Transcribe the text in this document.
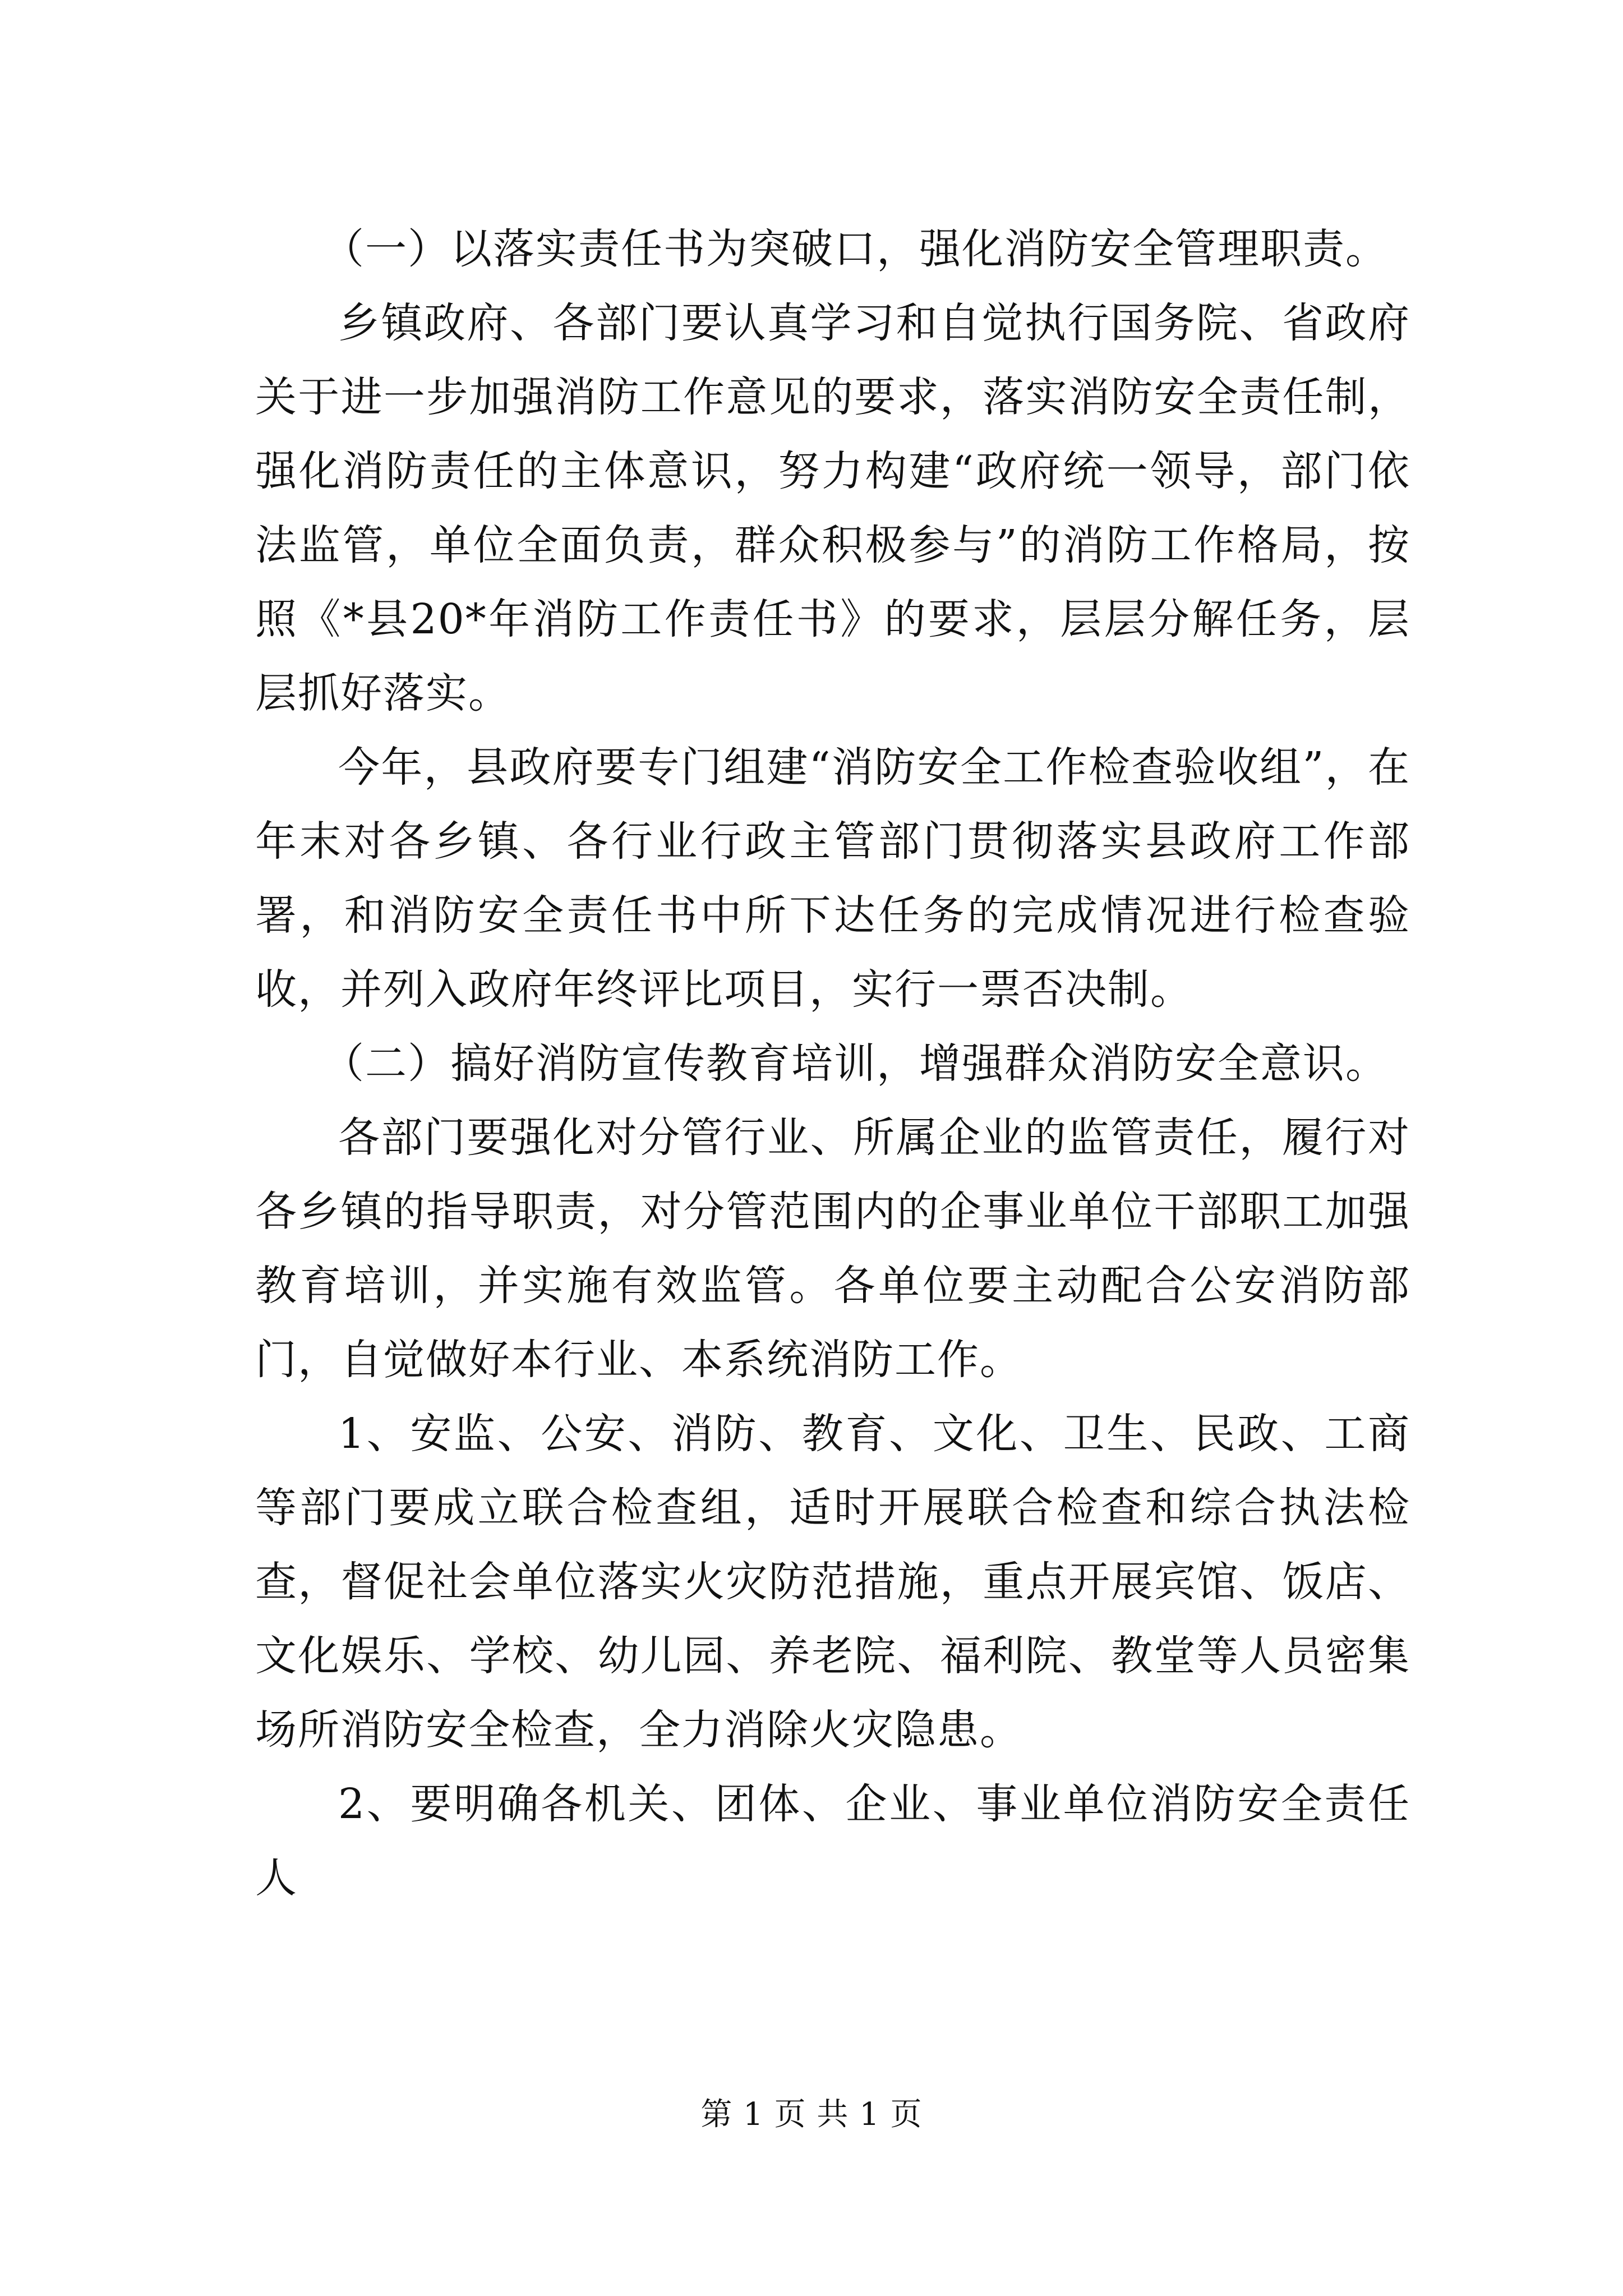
（一）以落实责任书为突破口，强化消防安全管理职责。

乡镇政府、各部门要认真学习和自觉执行国务院、省政府关于进一步加强消防工作意见的要求，落实消防安全责任制，强化消防责任的主体意识，努力构建“政府统一领导，部门依法监管，单位全面负责，群众积极参与”的消防工作格局，按照《*县20*年消防工作责任书》的要求，层层分解任务，层层抓好落实。

今年，县政府要专门组建“消防安全工作检查验收组”，在年末对各乡镇、各行业行政主管部门贯彻落实县政府工作部署，和消防安全责任书中所下达任务的完成情况进行检查验收，并列入政府年终评比项目，实行一票否决制。

（二）搞好消防宣传教育培训，增强群众消防安全意识。

各部门要强化对分管行业、所属企业的监管责任，履行对各乡镇的指导职责，对分管范围内的企事业单位干部职工加强教育培训，并实施有效监管。各单位要主动配合公安消防部门，自觉做好本行业、本系统消防工作。

1、安监、公安、消防、教育、文化、卫生、民政、工商等部门要成立联合检查组，适时开展联合检查和综合执法检查，督促社会单位落实火灾防范措施，重点开展宾馆、饭店、文化娱乐、学校、幼儿园、养老院、福利院、教堂等人员密集场所消防安全检查，全力消除火灾隐患。

2、要明确各机关、团体、企业、事业单位消防安全责任人

第 1 页 共 1 页
